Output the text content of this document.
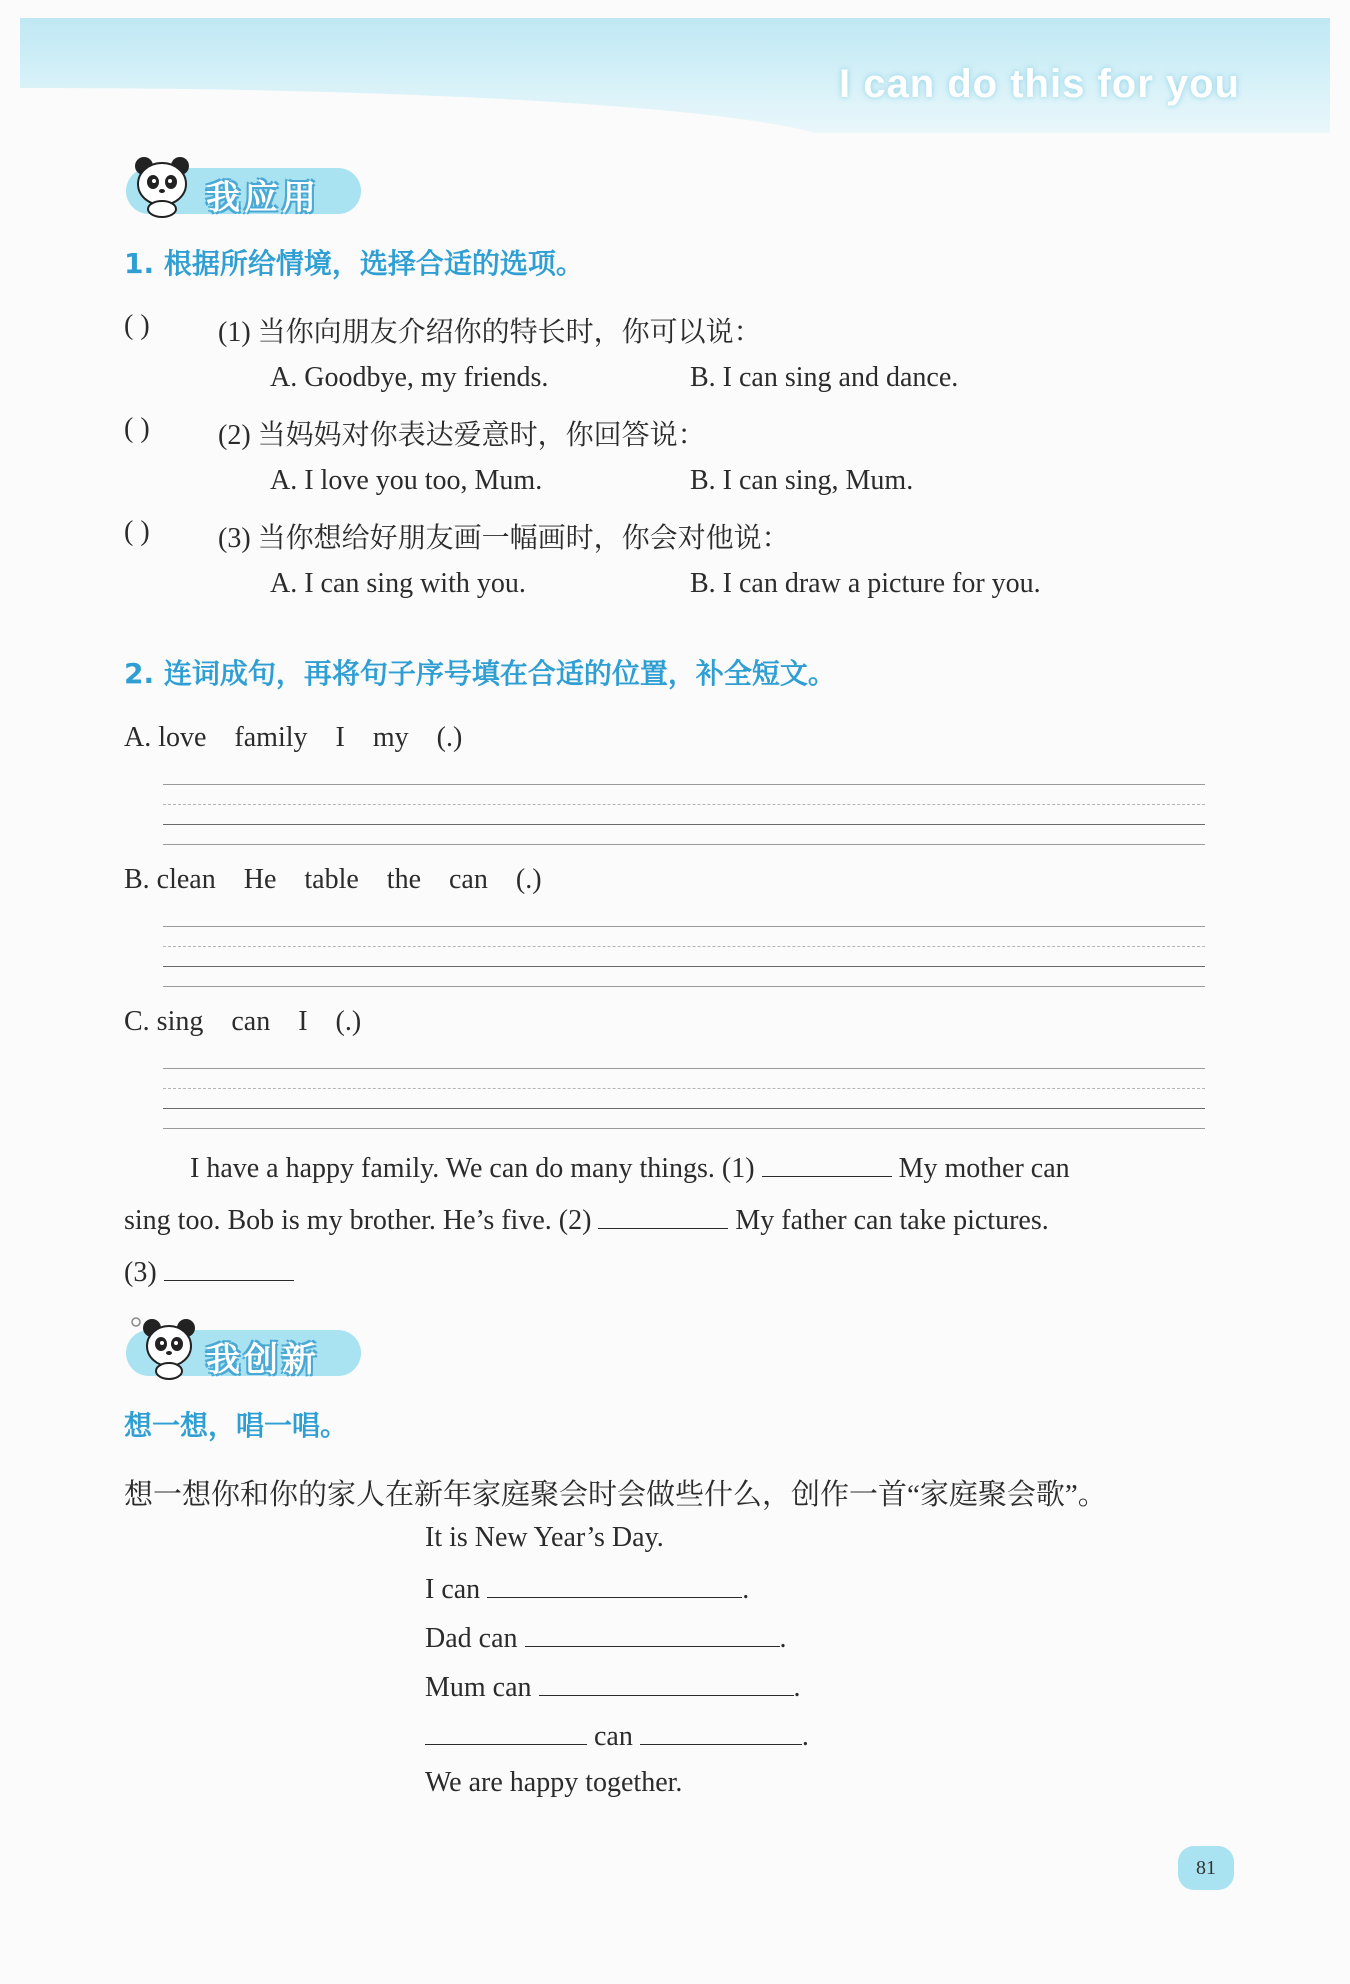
I can do this for you
我应用
1. 根据所给情境，选择合适的选项。
( ) (1) 当你向朋友介绍你的特长时，你可以说：
A. Goodbye, my friends.	B. I can sing and dance.
( ) (2) 当妈妈对你表达爱意时，你回答说：
A. I love you too, Mum.	B. I can sing, Mum.
( ) (3) 当你想给好朋友画一幅画时，你会对他说：
A. I can sing with you.	B. I can draw a picture for you.
2. 连词成句，再将句子序号填在合适的位置，补全短文。
A. love    family    I    my    (.)
B. clean    He    table    the    can    (.)
C. sing    can    I    (.)
I have a happy family. We can do many things. (1)	My mother can
sing too. Bob is my brother. He’s five. (2)	My father can take pictures.
(3)
我创新
想一想，唱一唱。
想一想你和你的家人在新年家庭聚会时会做些什么，创作一首“家庭聚会歌”。
It is New Year’s Day.
I can	.
Dad can	.
Mum can	.
can	.
We are happy together.
81
